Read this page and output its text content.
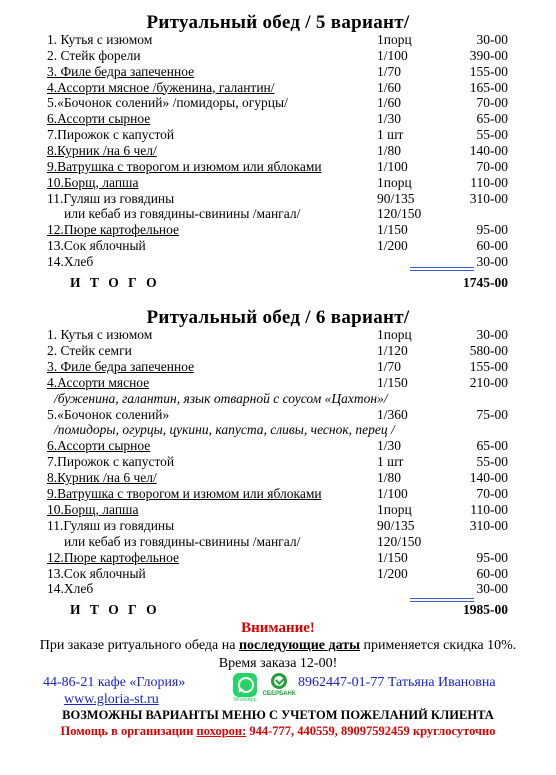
Ритуальный обед / 5 вариант/
1. Кутья с изюмом	1порц	30-00
2. Стейк форели	1/100	390-00
3. Филе бедра запеченное	1/70	155-00
4.Ассорти мясное /буженина, галантин/	1/60	165-00
5.«Бочонок солений» /помидоры, огурцы/	1/60	70-00
6.Ассорти сырное	1/30	65-00
7.Пирожок с капустой	1 шт	55-00
8.Курник /на 6 чел/	1/80	140-00
9.Ватрушка с творогом и изюмом или яблоками	1/100	70-00
10.Борщ, лапша	1порц	110-00
11.Гуляш из говядины	90/135	310-00
или кебаб из говядины-свинины /мангал/	120/150
12.Пюре картофельное	1/150	95-00
13.Сок яблочный	1/200	60-00
14.Хлеб	30-00
И Т О Г О	1745-00
Ритуальный обед / 6 вариант/
1. Кутья с изюмом	1порц	30-00
2. Стейк семги	1/120	580-00
3. Филе бедра запеченное	1/70	155-00
4.Ассорти мясное	1/150	210-00
/буженина, галантин, язык отварной с соусом «Цахтон»/
5.«Бочонок солений»	1/360	75-00
/помидоры, огурцы, цукини, капуста, сливы, чеснок, перец /
6.Ассорти сырное	1/30	65-00
7.Пирожок с капустой	1 шт	55-00
8.Курник /на 6 чел/	1/80	140-00
9.Ватрушка с творогом и изюмом или яблоками	1/100	70-00
10.Борщ, лапша	1порц	110-00
11.Гуляш из говядины	90/135	310-00
или кебаб из говядины-свинины /мангал/	120/150
12.Пюре картофельное	1/150	95-00
13.Сок яблочный	1/200	60-00
14.Хлеб	30-00
И Т О Г О	1985-00
Внимание!
При заказе ритуального обеда на последующие даты применяется скидка 10%.
Время заказа 12-00!
44-86-21 кафе «Глория»	8962447-01-77 Татьяна Ивановна
WhatsApp
СБЕРБАНК
www.gloria-st.ru
ВОЗМОЖНЫ ВАРИАНТЫ МЕНЮ С УЧЕТОМ ПОЖЕЛАНИЙ КЛИЕНТА
Помощь в организации похорон: 944-777, 440559, 89097592459 круглосуточно
